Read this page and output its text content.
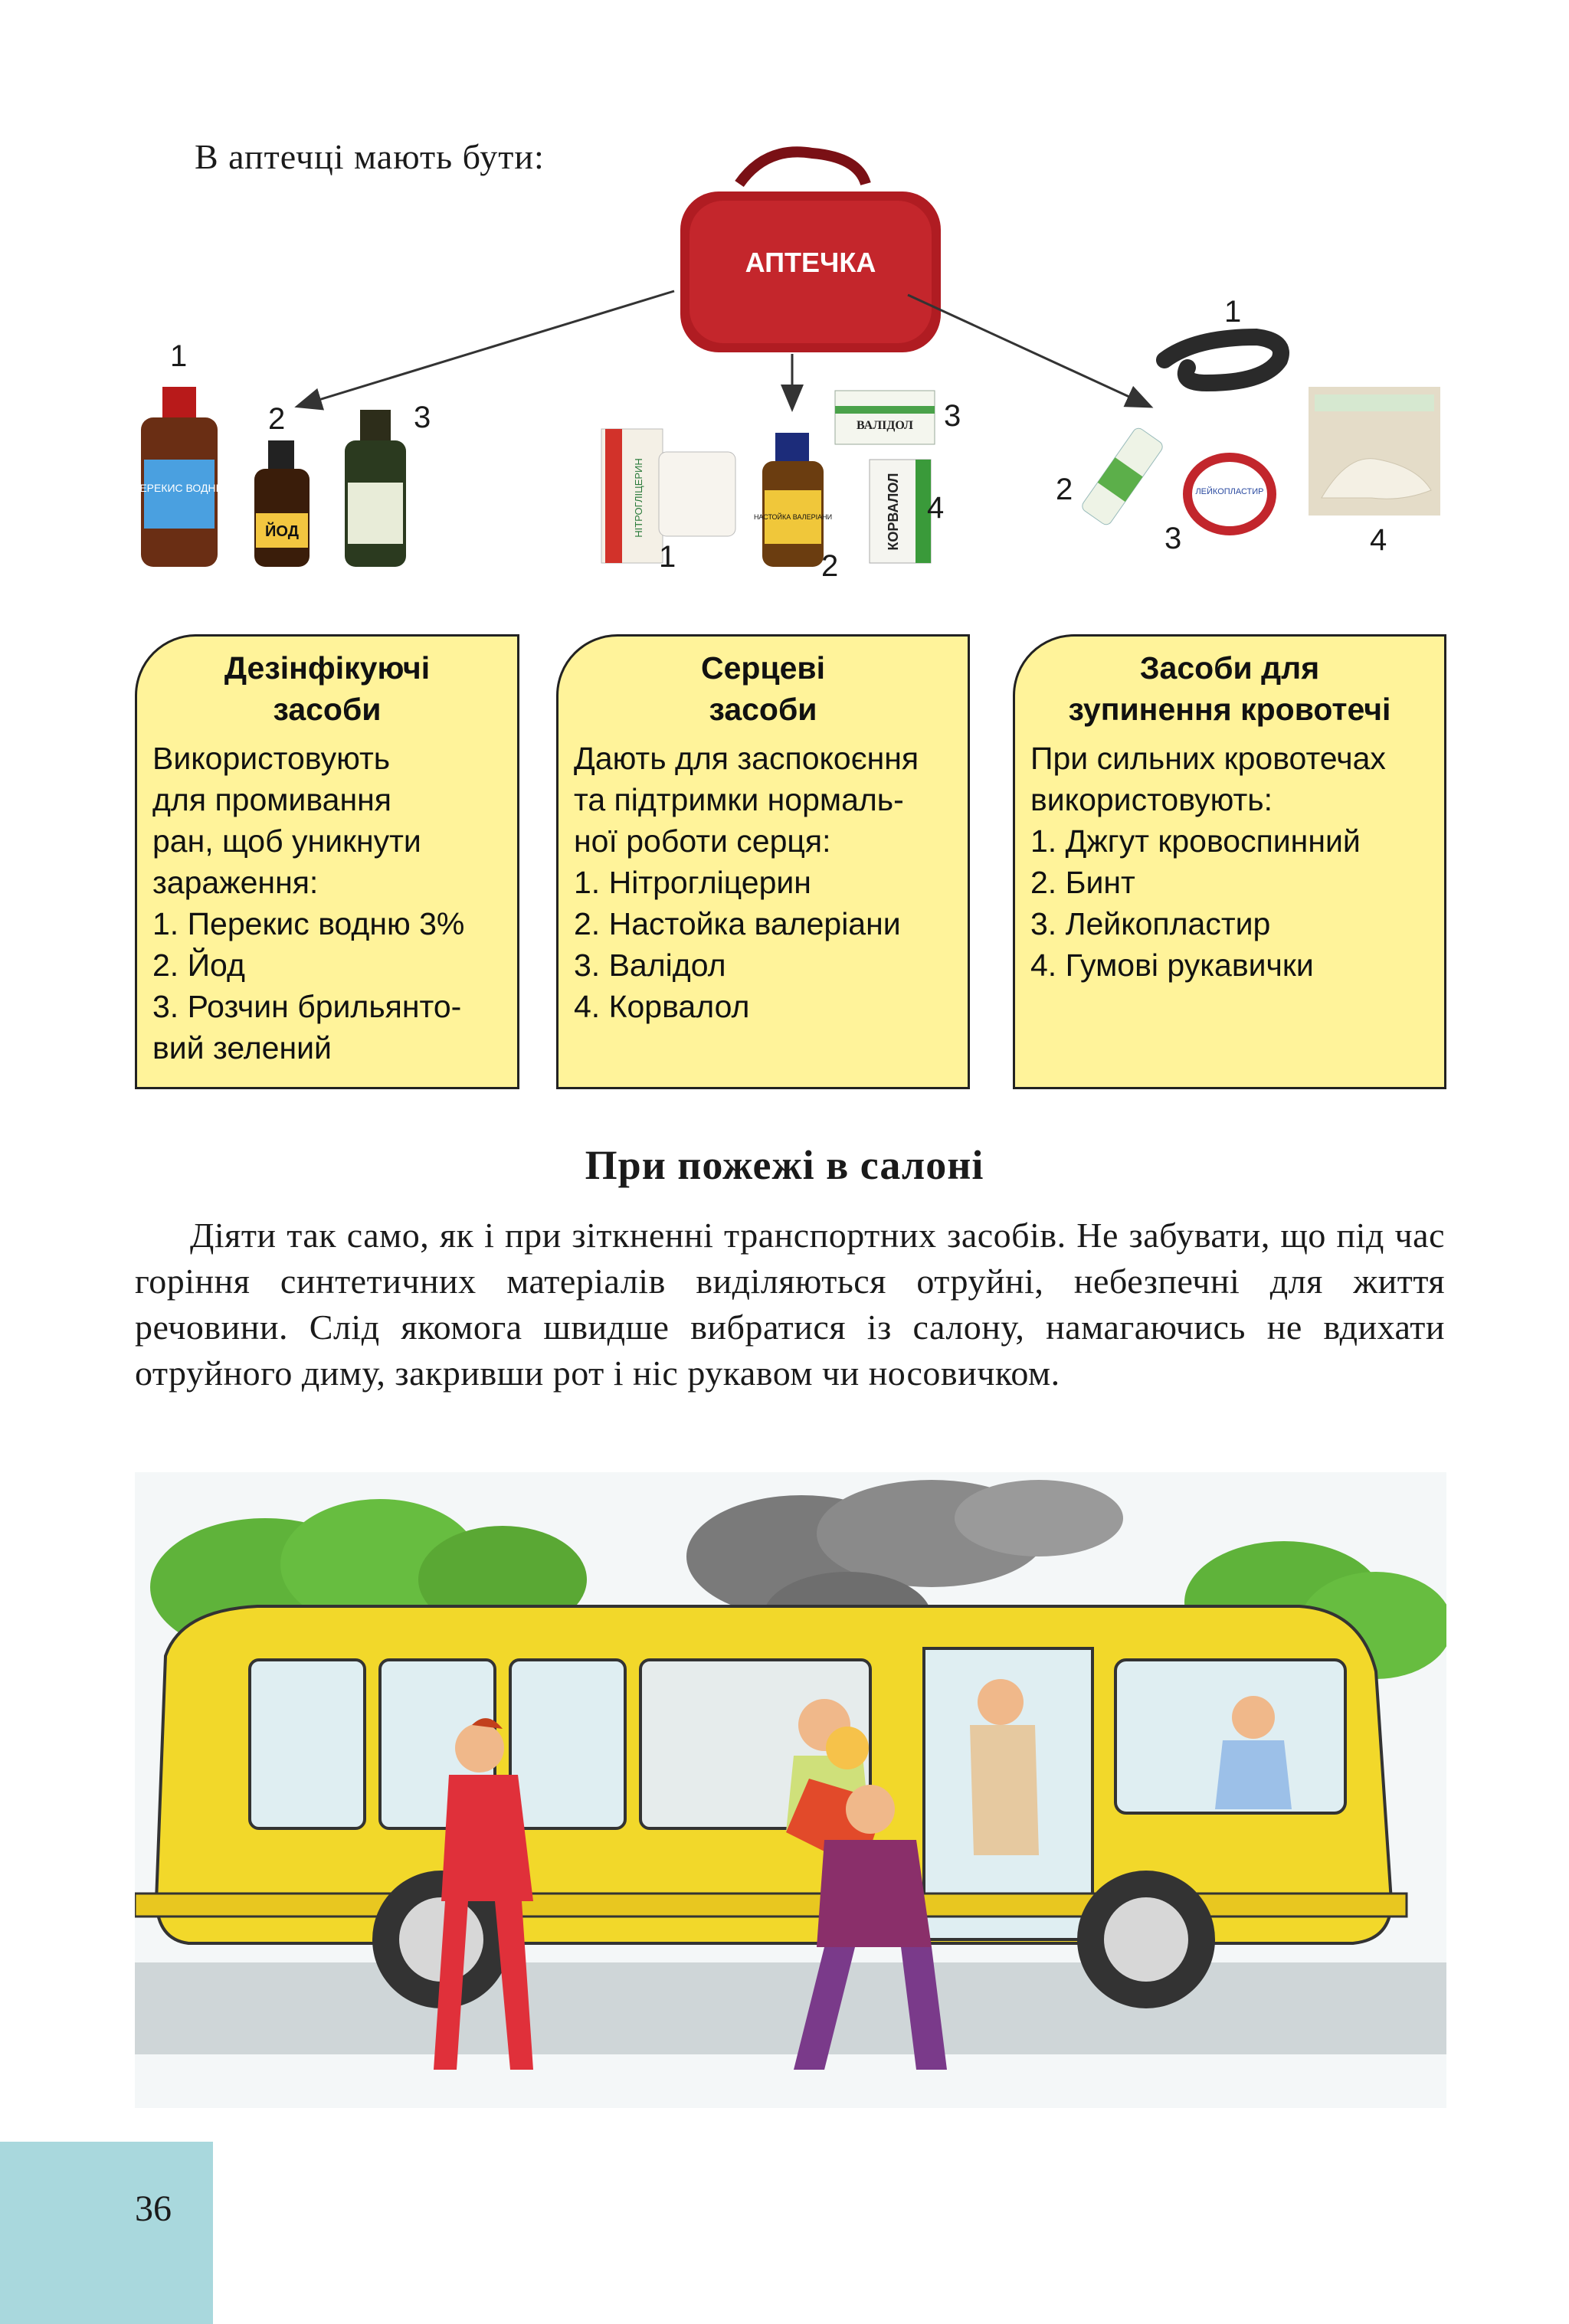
В аптечці мають бути:
АПТЕЧКА
ПЕРЕКИС ВОДНЮ
ЙОД
1
2	3
НІТРОГЛІЦЕРИН	НАСТОЙКА ВАЛЕРІАНИ
ВАЛІДОЛ
КОРВАЛОЛ
1	2
3
4	ЛЕЙКОПЛАСТИР
1
2
3	4
Дезінфікуючі
засоби
Використовують
для промивання
ран, щоб уникнути
зараження:
1. Перекис водню 3%
2. Йод
3. Розчин брильянто-
вий зелений
Серцеві
засоби
Дають для заспокоєння
та підтримки нормаль-
ної роботи серця:
1. Нітрогліцерин
2. Настойка валеріани
3. Валідол
4. Корвалол
Засоби для
зупинення кровотечі
При сильних кровотечах
використовують:
1. Джгут кровоспинний
2. Бинт
3. Лейкопластир
4. Гумові рукавички
При пожежі в салоні
Діяти так само, як і при зіткненні транспортних засобів. Не забувати, що під час горіння синтетичних матеріалів виділяються отруйні, небезпечні для життя речовини. Слід якомога швидше вибратися із салону, намагаючись не вдихати отруйного диму, закривши рот і ніс рукавом чи носовичком.
36
